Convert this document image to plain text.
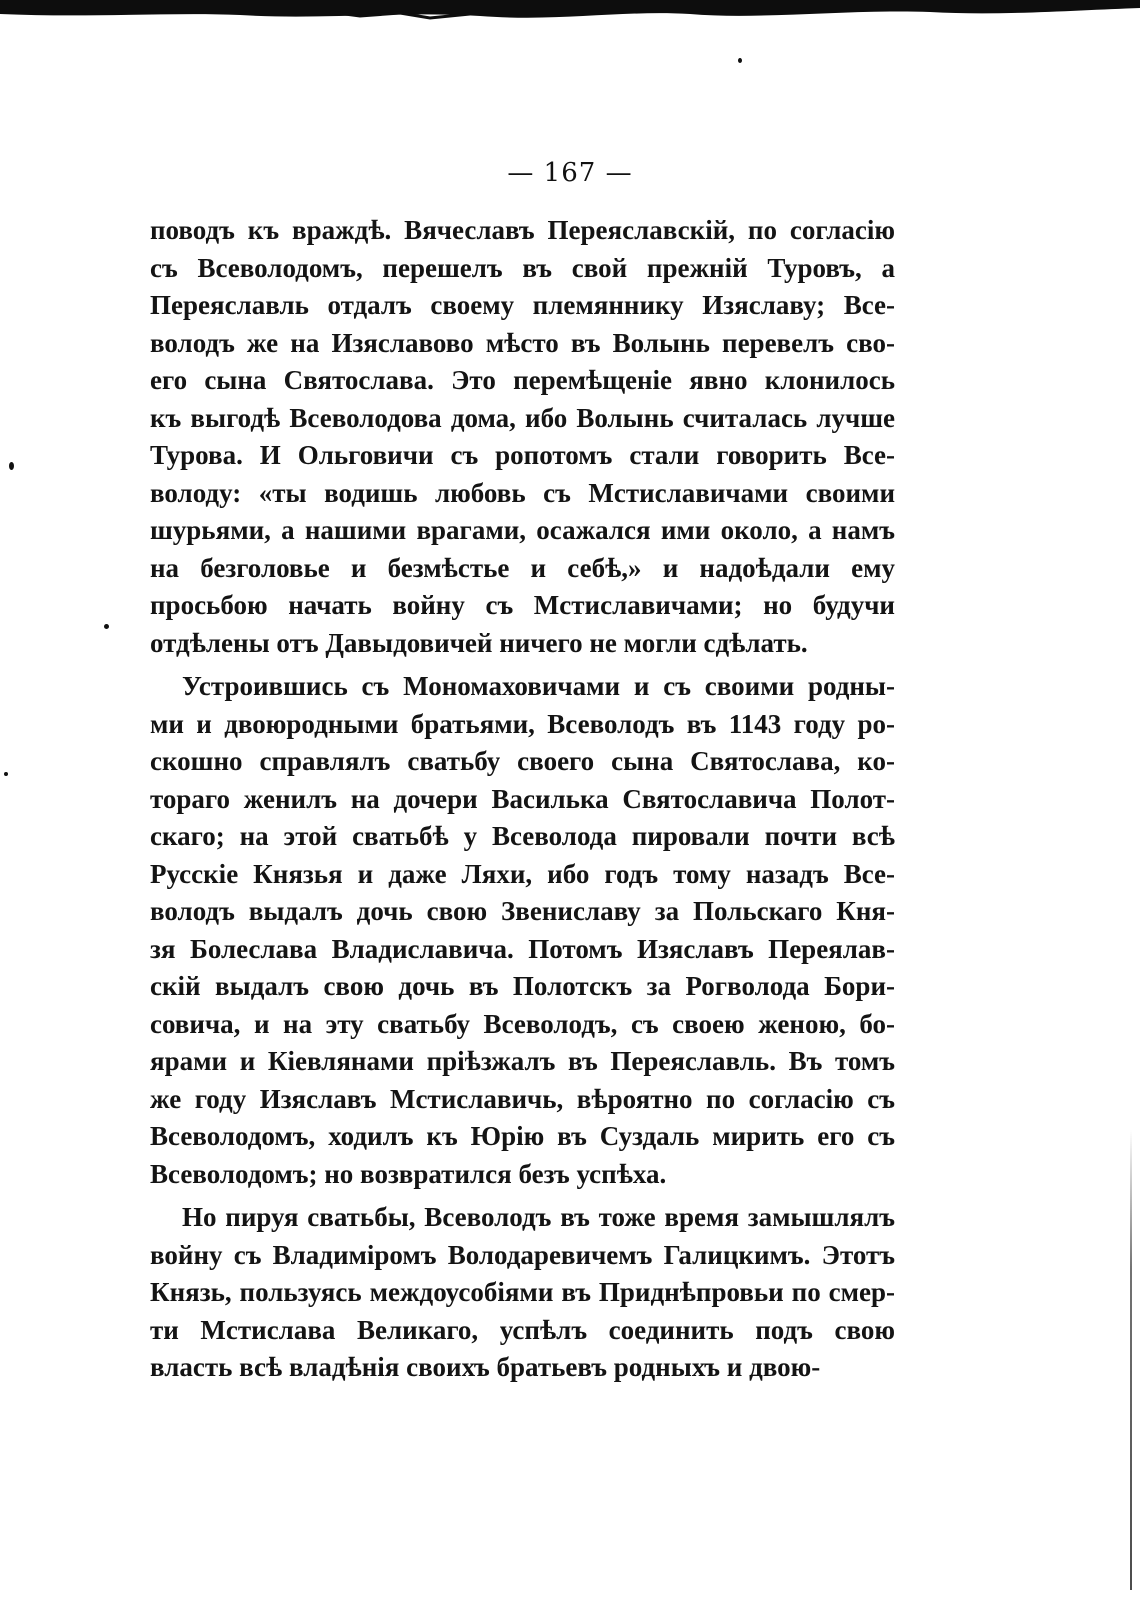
— 167 —
поводъ къ враждѣ. Вячеславъ Переяславскій, по согласію
съ Всеволодомъ, перешелъ въ свой прежній Туровъ, а
Переяславль отдалъ своему племяннику Изяславу; Все-
володъ же на Изяславово мѣсто въ Волынь перевелъ сво-
его сына Святослава. Это перемѣщеніе явно клонилось
къ выгодѣ Всеволодова дома, ибо Волынь считалась лучше
Турова. И Ольговичи съ ропотомъ стали говорить Все-
володу: «ты водишь любовь съ Мстиславичами своими
шурьями, а нашими врагами, осажался ими около, а намъ
на безголовье и безмѣстье и себѣ,» и надоѣдали ему
просьбою начать войну съ Мстиславичами; но будучи
отдѣлены отъ Давыдовичей ничего не могли сдѣлать.
Устроившись съ Мономаховичами и съ своими родны-
ми и двоюродными братьями, Всеволодъ въ 1143 году ро-
скошно справлялъ сватьбу своего сына Святослава, ко-
тораго женилъ на дочери Василька Святославича Полот-
скаго; на этой сватьбѣ у Всеволода пировали почти всѣ
Русскіе Князья и даже Ляхи, ибо годъ тому назадъ Все-
володъ выдалъ дочь свою Звениславу за Польскаго Кня-
зя Болеслава Владиславича. Потомъ Изяславъ Переялав-
скій выдалъ свою дочь въ Полотскъ за Рогволода Бори-
совича, и на эту сватьбу Всеволодъ, съ своею женою, бо-
ярами и Кіевлянами пріѣзжалъ въ Переяславль. Въ томъ
же году Изяславъ Мстиславичь, вѣроятно по согласію съ
Всеволодомъ, ходилъ къ Юрію въ Суздаль мирить его съ
Всеволодомъ; но возвратился безъ успѣха.
Но пируя сватьбы, Всеволодъ въ тоже время замышлялъ
войну съ Владиміромъ Володаревичемъ Галицкимъ. Этотъ
Князь, пользуясь междоусобіями въ Приднѣпровьи по смер-
ти Мстислава Великаго, успѣлъ соединить подъ свою
власть всѣ владѣнія своихъ братьевъ родныхъ и двою-
